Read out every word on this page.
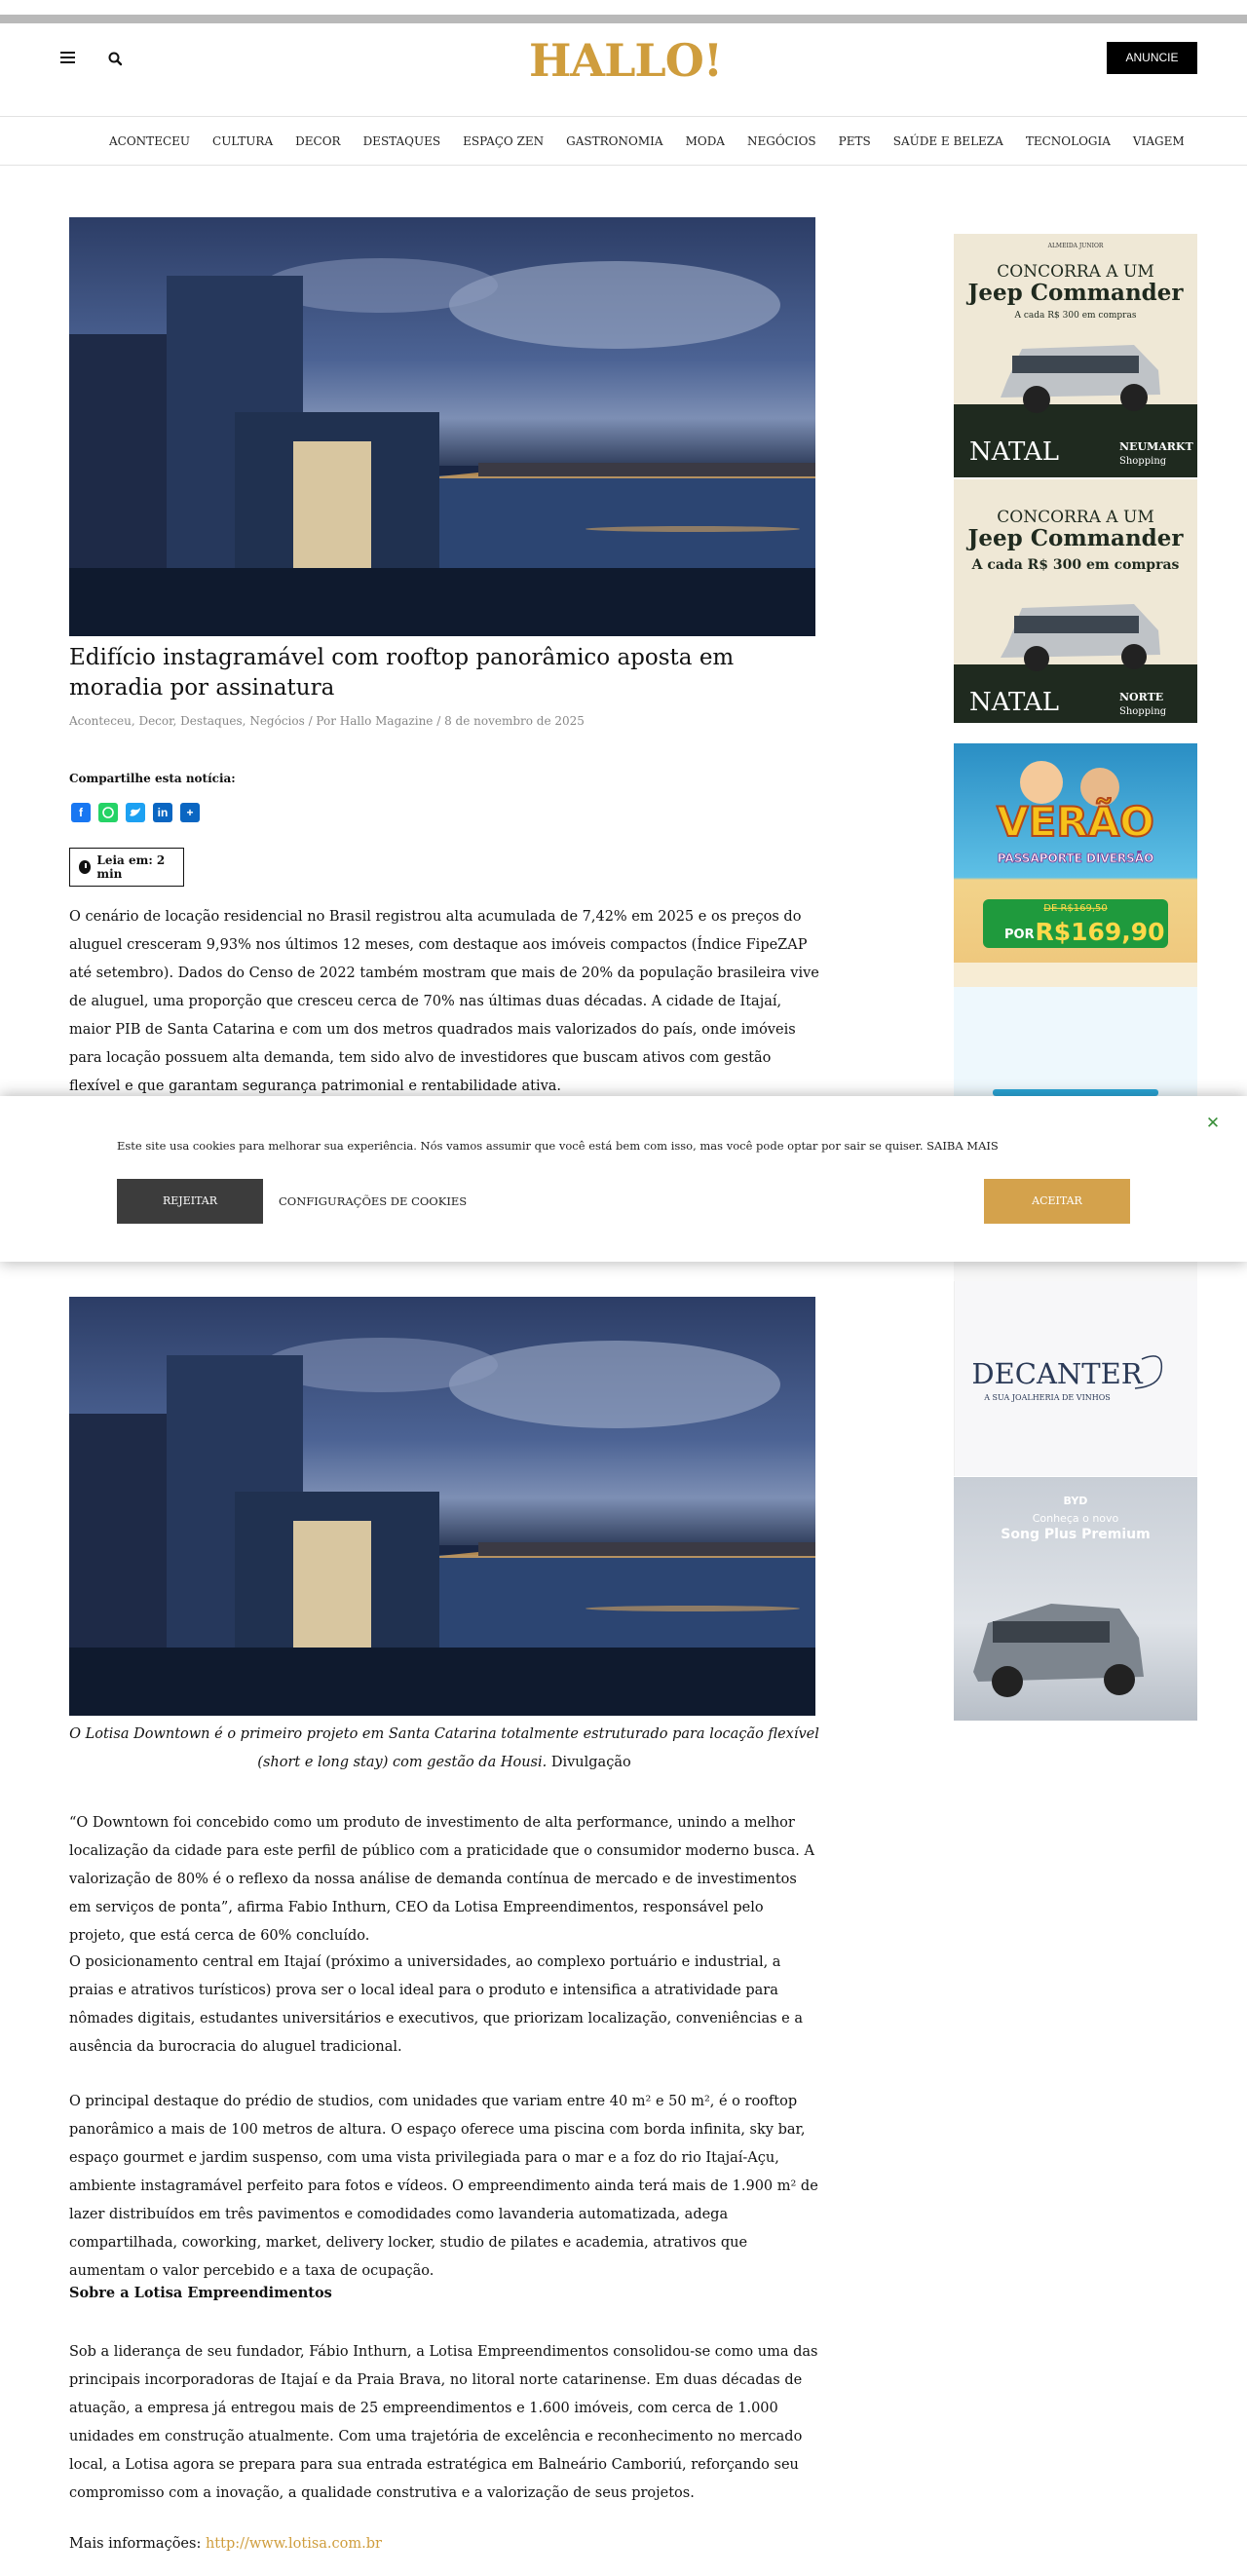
HALLO!	ANUNCIE
ACONTECEU CULTURA DECOR DESTAQUES ESPAÇO ZEN GASTRONOMIA MODA NEGÓCIOS PETS SAÚDE E BELEZA TECNOLOGIA VIAGEM
Edifício instagramável com rooftop panorâmico aposta em moradia por assinatura
Aconteceu, Decor, Destaques, Negócios / Por Hallo Magazine / 8 de novembro de 2025
Compartilhe esta notícia:
f	in	+
Leia em: 2 min

O cenário de locação residencial no Brasil registrou alta acumulada de 7,42% em 2025 e os preços do aluguel cresceram 9,93% nos últimos 12 meses, com destaque aos imóveis compactos (Índice FipeZAP até setembro). Dados do Censo de 2022 também mostram que mais de 20% da população brasileira vive de aluguel, uma proporção que cresceu cerca de 70% nas últimas duas décadas. A cidade de Itajaí, maior PIB de Santa Catarina e com um dos metros quadrados mais valorizados do país, onde imóveis para locação possuem alta demanda, tem sido alvo de investidores que buscam ativos com gestão flexível e que garantam segurança patrimonial e rentabilidade ativa.

O Lotisa Downtown é o primeiro projeto em Santa Catarina totalmente estruturado para locação flexível (short e long stay) com gestão da Housi. Divulgação

“O Downtown foi concebido como um produto de investimento de alta performance, unindo a melhor localização da cidade para este perfil de público com a praticidade que o consumidor moderno busca. A valorização de 80% é o reflexo da nossa análise de demanda contínua de mercado e de investimentos em serviços de ponta”, afirma Fabio Inthurn, CEO da Lotisa Empreendimentos, responsável pelo projeto, que está cerca de 60% concluído.

O posicionamento central em Itajaí (próximo a universidades, ao complexo portuário e industrial, a praias e atrativos turísticos) prova ser o local ideal para o produto e intensifica a atratividade para nômades digitais, estudantes universitários e executivos, que priorizam localização, conveniências e a ausência da burocracia do aluguel tradicional.

O principal destaque do prédio de studios, com unidades que variam entre 40 m² e 50 m², é o rooftop panorâmico a mais de 100 metros de altura. O espaço oferece uma piscina com borda infinita, sky bar, espaço gourmet e jardim suspenso, com uma vista privilegiada para o mar e a foz do rio Itajaí-Açu, ambiente instagramável perfeito para fotos e vídeos. O empreendimento ainda terá mais de 1.900 m² de lazer distribuídos em três pavimentos e comodidades como lavanderia automatizada, adega compartilhada, coworking, market, delivery locker, studio de pilates e academia, atrativos que aumentam o valor percebido e a taxa de ocupação.

Sobre a Lotisa Empreendimentos

Sob a liderança de seu fundador, Fábio Inthurn, a Lotisa Empreendimentos consolidou-se como uma das principais incorporadoras de Itajaí e da Praia Brava, no litoral norte catarinense. Em duas décadas de atuação, a empresa já entregou mais de 25 empreendimentos e 1.600 imóveis, com cerca de 1.000 unidades em construção atualmente. Com uma trajetória de excelência e reconhecimento no mercado local, a Lotisa agora se prepara para sua entrada estratégica em Balneário Camboriú, reforçando seu compromisso com a inovação, a qualidade construtiva e a valorização de seus projetos.

Mais informações: http://www.lotisa.com.br
ALMEIDA JUNIOR
CONCORRA A UM
Jeep Commander
A cada R$ 300 em compras
NATAL	NEUMARKT
Shopping
CONCORRA A UM
Jeep Commander
A cada R$ 300 em compras
NATAL	NORTE
Shopping
VERÃO
PASSAPORTE DIVERSÃO
DE R$169,50
POR R$169,90
DECANTER
A SUA JOALHERIA DE VINHOS
BYD
Conheça o novo
Song Plus Premium
Este site usa cookies para melhorar sua experiência. Nós vamos assumir que você está bem com isso, mas você pode optar por sair se quiser. SAIBA MAIS
REJEITAR	CONFIGURAÇÕES DE COOKIES	ACEITAR
✕
